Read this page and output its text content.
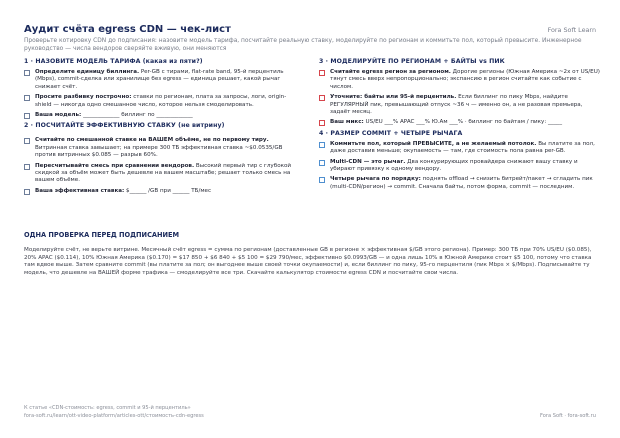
Аудит счёта egress CDN — чек-лист	Fora Soft Learn
Проверьте котировку CDN до подписания: назовите модель тарифа, посчитайте реальную ставку, моделируйте по регионам и коммитьте пол, который превысите. Инженерное руководство — числа вендоров сверяйте вживую, они меняются
1 · НАЗОВИТЕ МОДЕЛЬ ТАРИФА (какая из пяти?)
Определите единицу биллинга. Per-GB с тирами, flat-rate band, 95-й перцентиль (Mbps), commit-сделка или хранилище без egress — единица решает, какой рычаг снижает счёт.
Просите разбивку построчно: ставки по регионам, плата за запросы, логи, origin-shield — никогда одно смешанное число, которое нельзя смоделировать.
Ваша модель: _____________ биллинг по _____________
2 · ПОСЧИТАЙТЕ ЭФФЕКТИВНУЮ СТАВКУ (не витрину)
Считайте по смешанной ставке на ВАШЕМ объёме, не по первому тиру. Витринная ставка завышает; на примере 300 ТБ эффективная ставка ~$0.0535/GB против витринных $0.085 — разрыв 60%.
Пересчитывайте смесь при сравнении вендоров. Высокий первый тир с глубокой скидкой за объём может быть дешевле на вашем масштабе; решает только смесь на вашем объёме.
Ваша эффективная ставка: $______ /GB при ______ ТБ/мес
3 · МОДЕЛИРУЙТЕ ПО РЕГИОНАМ + БАЙТЫ vs ПИК
Считайте egress регион за регионом. Дорогие регионы (Южная Америка ~2x от US/EU) тянут смесь вверх непропорционально; экспансию в регион считайте как событие с числом.
Уточните: байты или 95-й перцентиль. Если биллинг по пику Mbps, найдите РЕГУЛЯРНЫЙ пик, превышающий отпуск ~36 ч — именно он, а не разовая премьера, задаёт месяц.
Ваш микс: US/EU ___% APAC ___% Ю.Ам ___% · биллинг по байтам / пику: _____
4 · РАЗМЕР COMMIT + ЧЕТЫРЕ РЫЧАГА
Коммитьте пол, который ПРЕВЫСИТЕ, а не желаемый потолок. Вы платите за пол, даже доставив меньше; окупаемость — там, где стоимость пола равна per-GB.
Multi-CDN — это рычаг. Два конкурирующих провайдера снижают вашу ставку и убирают привязку к одному вендору.
Четыре рычага по порядку: поднять offload → снизить битрейт/пакет → сгладить пик (multi-CDN/регион) → commit. Сначала байты, потом форма, commit — последним.
ОДНА ПРОВЕРКА ПЕРЕД ПОДПИСАНИЕМ
Моделируйте счёт, не верьте витрине. Месячный счёт egress = сумма по регионам (доставленные GB в регионе × эффективная $/GB этого региона). Пример: 300 ТБ при 70% US/EU ($0.085), 20% APAC ($0.114), 10% Южная Америка ($0.170) = $17 850 + $6 840 + $5 100 = $29 790/мес, эффективно $0.0993/GB — и одна лишь 10% в Южной Америке стоит $5 100, потому что ставка там вдвое выше. Затем сравните commit (вы платите за пол; он выгоднее выше своей точки окупаемости) и, если биллинг по пику, 95-го перцентиля (пик Mbps × $/Mbps). Подписывайте ту модель, что дешевле на ВАШЕЙ форме трафика — смоделируйте все три. Скачайте калькулятор стоимости egress CDN и посчитайте свои числа.
К статье «CDN-стоимость: egress, commit и 95-й перцентиль»
fora-soft.ru/learn/ott-video-platform/articles-ott/стоимость-cdn-egress	Fora Soft · fora-soft.ru
